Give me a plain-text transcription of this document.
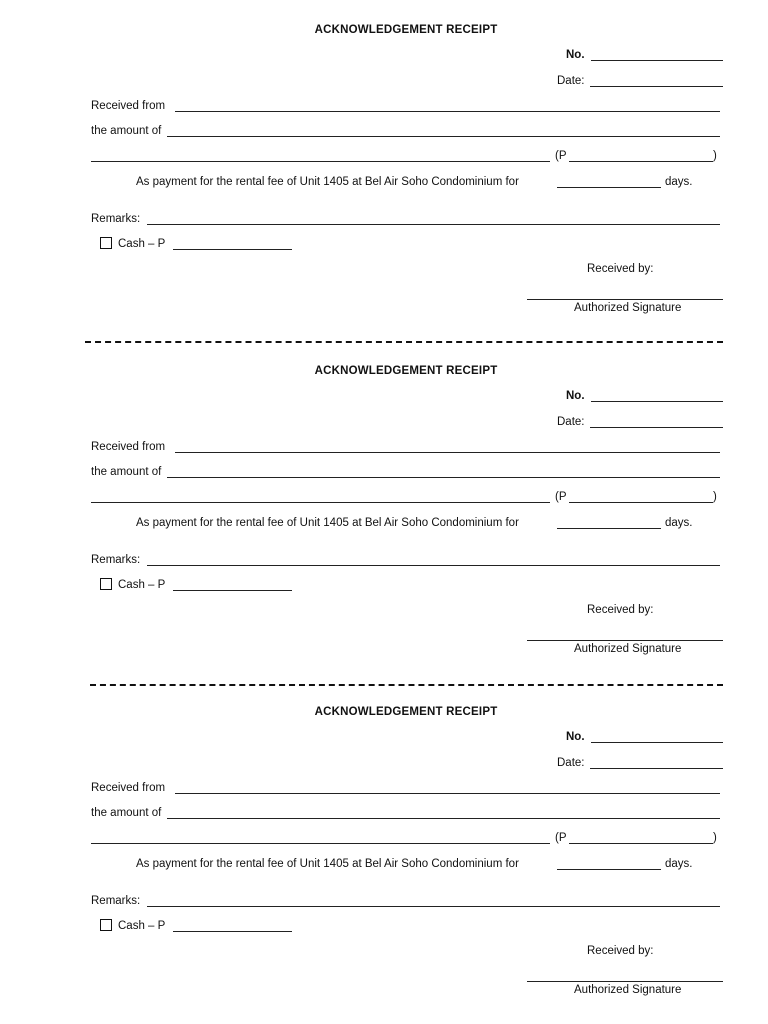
ACKNOWLEDGEMENT RECEIPT
No.
Date:
Received from
the amount of
(P	)
As payment for the rental fee of Unit 1405 at Bel Air Soho Condominium for	days.
Remarks:
Cash – P
Received by:
Authorized Signature
ACKNOWLEDGEMENT RECEIPT
No.
Date:
Received from
the amount of
(P	)
As payment for the rental fee of Unit 1405 at Bel Air Soho Condominium for	days.
Remarks:
Cash – P
Received by:
Authorized Signature
ACKNOWLEDGEMENT RECEIPT
No.
Date:
Received from
the amount of
(P	)
As payment for the rental fee of Unit 1405 at Bel Air Soho Condominium for	days.
Remarks:
Cash – P
Received by:
Authorized Signature
